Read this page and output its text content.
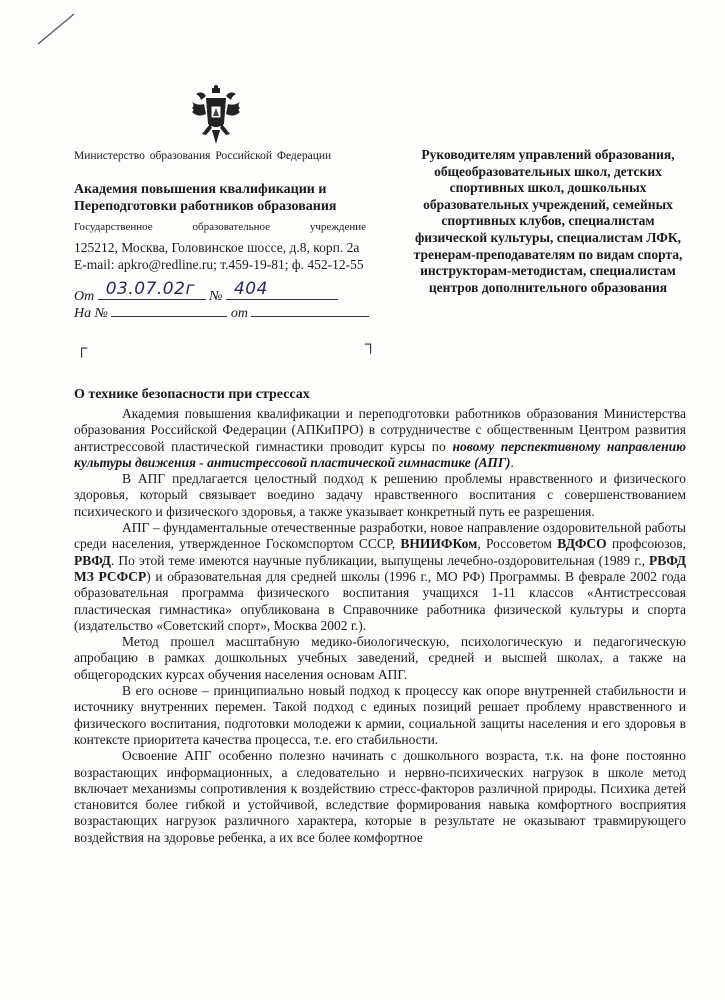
Министерство образования Российской Федерации
Академия повышения квалификации и
Переподготовки работников образования
Государственное	образовательное	учреждение
125212, Москва, Головинское шоссе, д.8, корп. 2а
E-mail: apkro@redline.ru; т.459-19-81; ф. 452-12-55
От 03.07.02г № 404
На №	от
┌	┐
Руководителям управлений образования, общеобразовательных школ, детских спортивных школ, дошкольных образовательных учреждений, семейных спортивных клубов, специалистам физической культуры, специалистам ЛФК, тренерам-преподавателям по видам спорта, инструкторам-методистам, специалистам центров дополнительного образования
О технике безопасности при стрессах

Академия повышения квалификации и переподготовки работников образования Министерства образования Российской Федерации (АПКиПРО) в сотрудничестве с общественным Центром развития антистрессовой пластической гимнастики проводит курсы по новому перспективному направлению культуры движения - антистрессовой пластической гимнастике (АПГ).

В АПГ предлагается целостный подход к решению проблемы нравственного и физического здоровья, который связывает воедино задачу нравственного воспитания с совершенствованием психического и физического здоровья, а также указывает конкретный путь ее разрешения.

АПГ – фундаментальные отечественные разработки, новое направление оздоровительной работы среди населения, утвержденное Госкомспортом СССР, ВНИИФКом, Россоветом ВДФСО профсоюзов, РВФД. По этой теме имеются научные публикации, выпущены лечебно-оздоровительная (1989 г., РВФД МЗ РСФСР) и образовательная для средней школы (1996 г., МО РФ) Программы. В феврале 2002 года образовательная программа физического воспитания учащихся 1-11 классов «Антистрессовая пластическая гимнастика» опубликована в Справочнике работника физической культуры и спорта (издательство «Советский спорт», Москва 2002 г.).

Метод прошел масштабную медико-биологическую, психологическую и педагогическую апробацию в рамках дошкольных учебных заведений, средней и высшей школах, а также на общегородских курсах обучения населения основам АПГ.

В его основе – принципиально новый подход к процессу как опоре внутренней стабильности и источнику внутренних перемен. Такой подход с единых позиций решает проблему нравственного и физического воспитания, подготовки молодежи к армии, социальной защиты населения и его здоровья в контексте приоритета качества процесса, т.е. его стабильности.

Освоение АПГ особенно полезно начинать с дошкольного возраста, т.к. на фоне постоянно возрастающих информационных, а следовательно и нервно-психических нагрузок в школе метод включает механизмы сопротивления к воздействию стресс-факторов различной природы. Психика детей становится более гибкой и устойчивой, вследствие формирования навыка комфортного восприятия возрастающих нагрузок различного характера, которые в результате не оказывают травмирующего воздействия на здоровье ребенка, а их все более комфортное
